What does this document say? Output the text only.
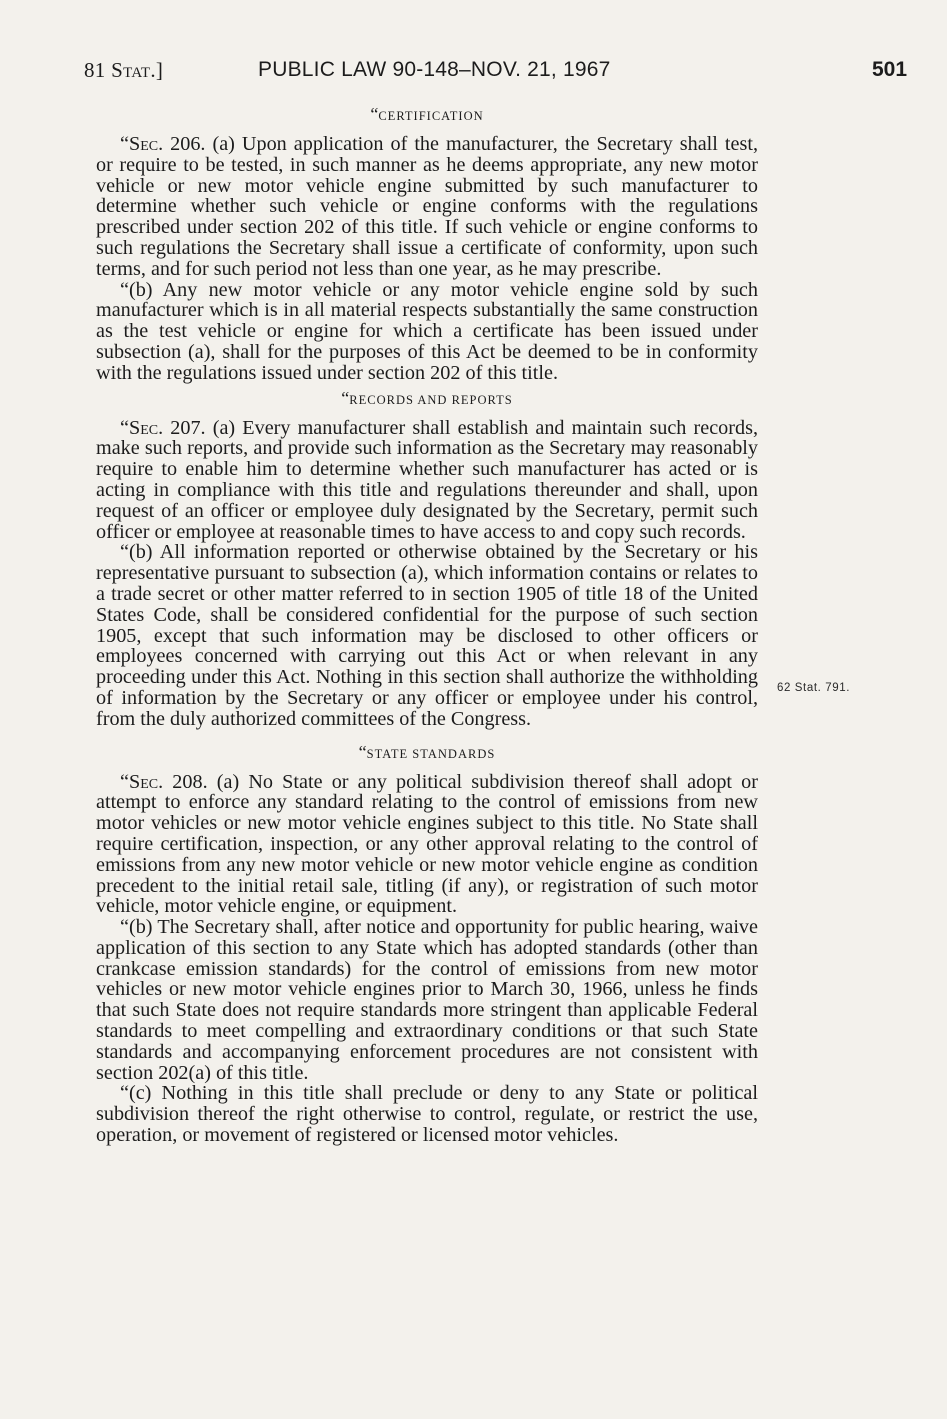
81 Stat.]	PUBLIC LAW 90-148–NOV. 21, 1967	501
“CERTIFICATION

“Sec. 206. (a) Upon application of the manufacturer, the Secretary shall test, or require to be tested, in such manner as he deems appropriate, any new motor vehicle or new motor vehicle engine submitted by such manufacturer to determine whether such vehicle or engine conforms with the regulations prescribed under section 202 of this title. If such vehicle or engine conforms to such regulations the Secretary shall issue a certificate of conformity, upon such terms, and for such period not less than one year, as he may prescribe.

“(b) Any new motor vehicle or any motor vehicle engine sold by such manufacturer which is in all material respects substantially the same construction as the test vehicle or engine for which a certificate has been issued under subsection (a), shall for the purposes of this Act be deemed to be in conformity with the regulations issued under section 202 of this title.

“RECORDS AND REPORTS

“Sec. 207. (a) Every manufacturer shall establish and maintain such records, make such reports, and provide such information as the Secretary may reasonably require to enable him to determine whether such manufacturer has acted or is acting in compliance with this title and regulations thereunder and shall, upon request of an officer or employee duly designated by the Secretary, permit such officer or employee at reasonable times to have access to and copy such records.

“(b) All information reported or otherwise obtained by the Secretary or his representative pursuant to subsection (a), which information contains or relates to a trade secret or other matter referred to in section 1905 of title 18 of the United States Code, shall be considered confidential for the purpose of such section 1905, except that such information may be disclosed to other officers or employees concerned with carrying out this Act or when relevant in any proceeding under this Act. Nothing in this section shall authorize the withholding of information by the Secretary or any officer or employee under his control, from the duly authorized committees of the Congress.

“STATE STANDARDS

“Sec. 208. (a) No State or any political subdivision thereof shall adopt or attempt to enforce any standard relating to the control of emissions from new motor vehicles or new motor vehicle engines subject to this title. No State shall require certification, inspection, or any other approval relating to the control of emissions from any new motor vehicle or new motor vehicle engine as condition precedent to the initial retail sale, titling (if any), or registration of such motor vehicle, motor vehicle engine, or equipment.

“(b) The Secretary shall, after notice and opportunity for public hearing, waive application of this section to any State which has adopted standards (other than crankcase emission standards) for the control of emissions from new motor vehicles or new motor vehicle engines prior to March 30, 1966, unless he finds that such State does not require standards more stringent than applicable Federal standards to meet compelling and extraordinary conditions or that such State standards and accompanying enforcement procedures are not consistent with section 202(a) of this title.

“(c) Nothing in this title shall preclude or deny to any State or political subdivision thereof the right otherwise to control, regulate, or restrict the use, operation, or movement of registered or licensed motor vehicles.

62 Stat. 791.
